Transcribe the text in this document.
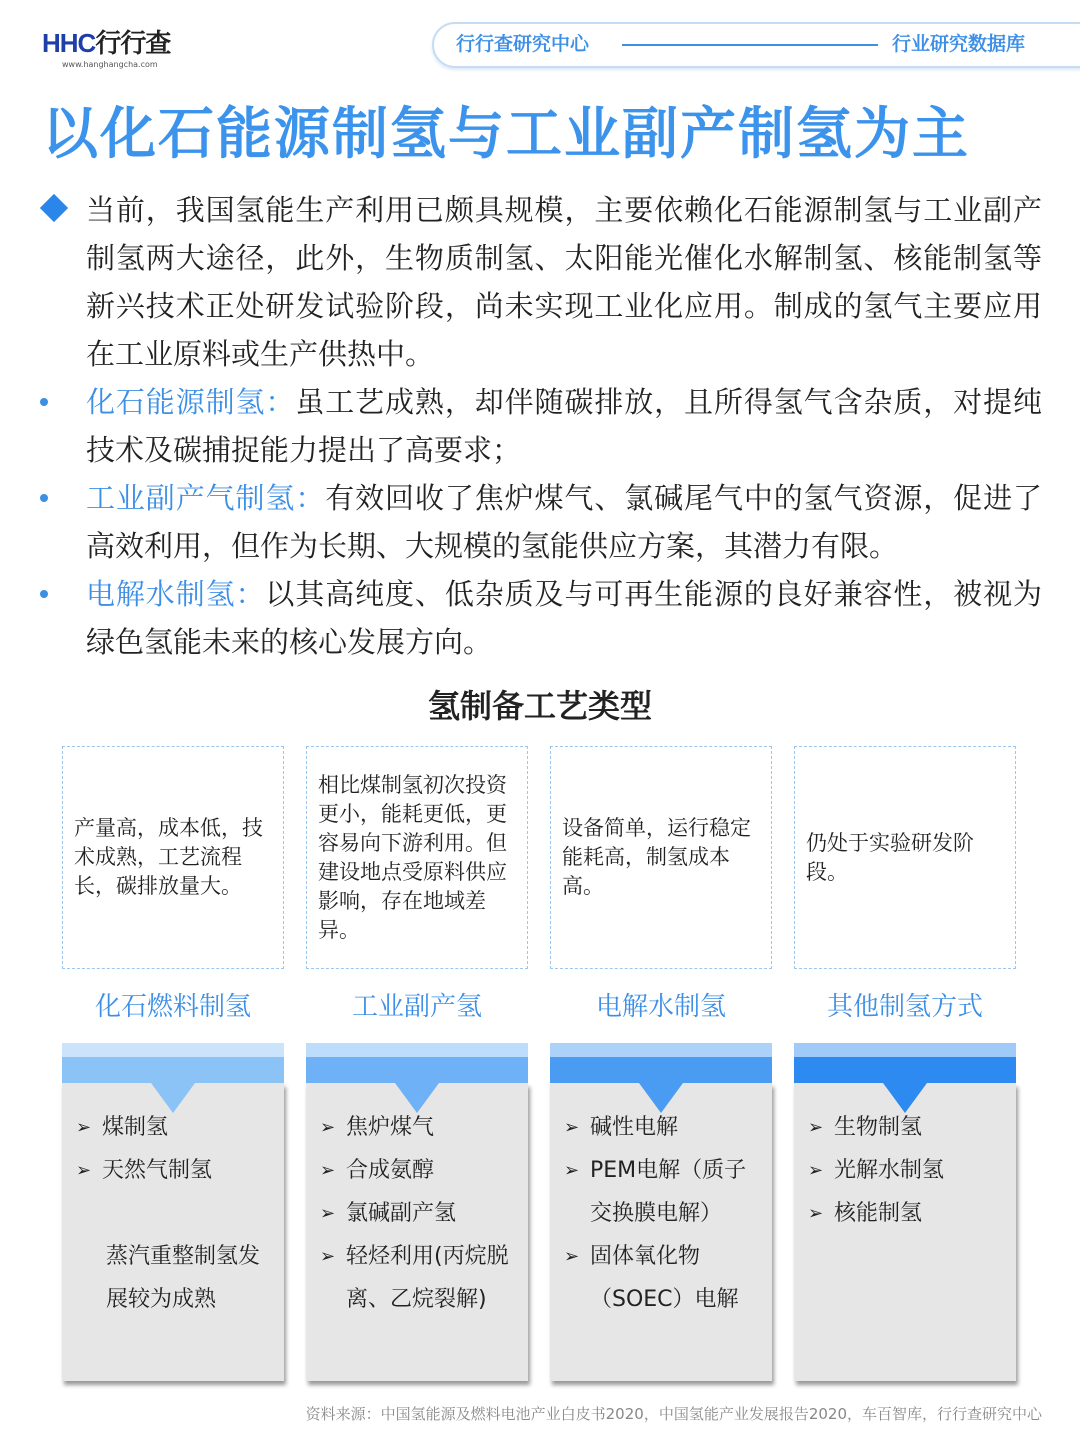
HHC行行查
www.hanghangcha.com
行行查研究中心	行业研究数据库
以化石能源制氢与工业副产制氢为主
当前，我国氢能生产利用已颇具规模，主要依赖化石能源制氢与工业副产制氢两大途径，此外，生物质制氢、太阳能光催化水解制氢、核能制氢等新兴技术正处研发试验阶段，尚未实现工业化应用。制成的氢气主要应用在工业原料或生产供热中。
化石能源制氢：虽工艺成熟，却伴随碳排放，且所得氢气含杂质，对提纯技术及碳捕捉能力提出了高要求；
工业副产气制氢：有效回收了焦炉煤气、氯碱尾气中的氢气资源，促进了高效利用，但作为长期、大规模的氢能供应方案，其潜力有限。
电解水制氢：以其高纯度、低杂质及与可再生能源的良好兼容性，被视为绿色氢能未来的核心发展方向。
氢制备工艺类型
产量高，成本低，技术成熟，工艺流程长，碳排放量大。
化石燃料制氢
➢ 煤制氢
➢ 天然气制氢
蒸汽重整制氢发展较为成熟
相比煤制氢初次投资更小，能耗更低，更容易向下游利用。但建设地点受原料供应影响，存在地域差异。
工业副产氢
➢ 焦炉煤气
➢ 合成氨醇
➢ 氯碱副产氢
➢ 轻烃利用(丙烷脱离、乙烷裂解)
设备简单，运行稳定能耗高，制氢成本高。
电解水制氢
➢ 碱性电解
➢ PEM电解（质子交换膜电解）
➢ 固体氧化物（SOEC）电解
仍处于实验研发阶段。
其他制氢方式
➢ 生物制氢
➢ 光解水制氢
➢ 核能制氢
资料来源：中国氢能源及燃料电池产业白皮书2020，中国氢能产业发展报告2020，车百智库，行行查研究中心
